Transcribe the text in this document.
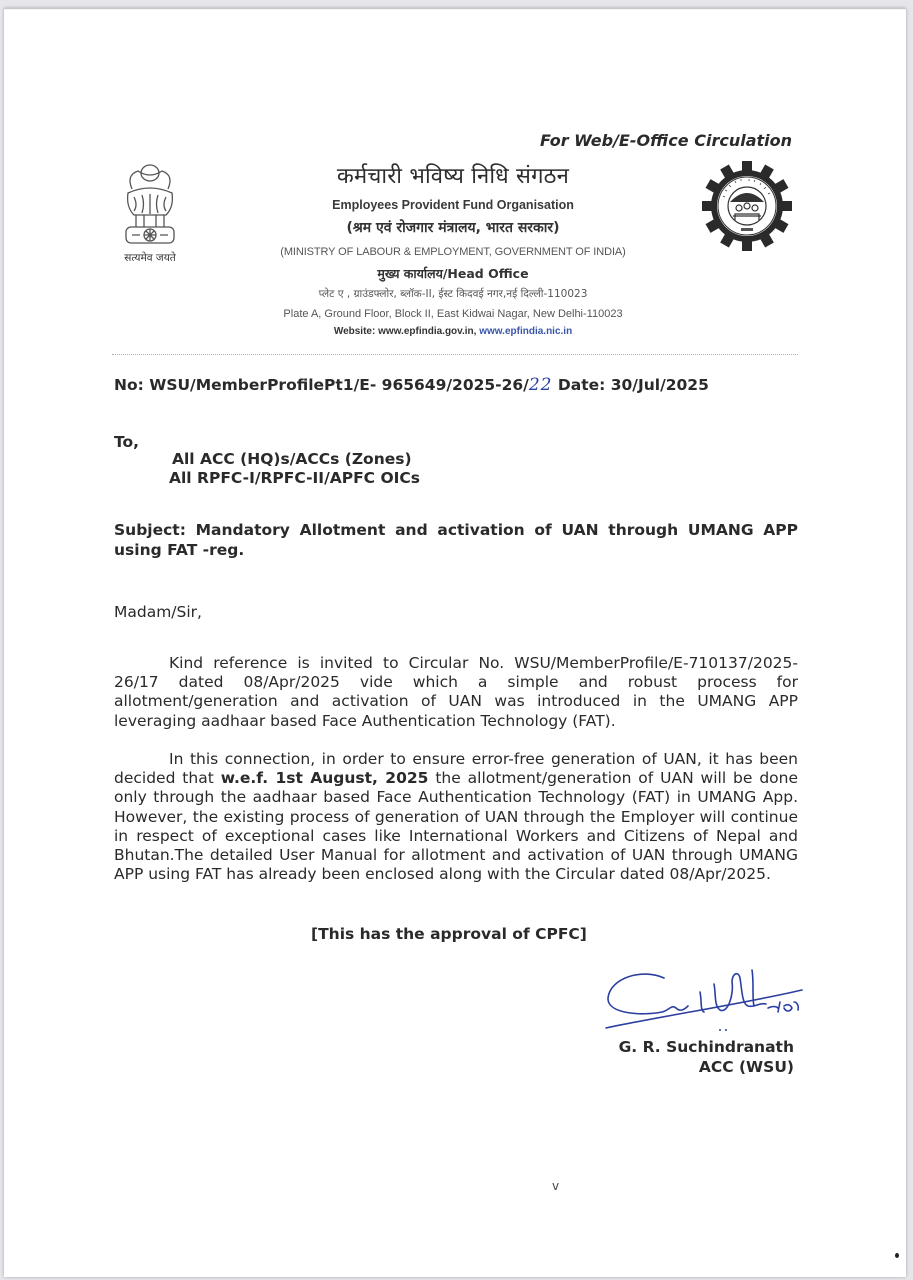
For Web/E-Office Circulation
सत्यमेव जयते
कर्मचारी भविष्य निधि संगठन
Employees Provident Fund Organisation
(श्रम एवं रोजगार मंत्रालय, भारत सरकार)
(MINISTRY OF LABOUR & EMPLOYMENT, GOVERNMENT OF INDIA)
मुख्य कार्यालय/Head Office
प्लेट ए , ग्राउंडफ्लोर, ब्लॉक-II, ईस्ट किदवई नगर,नई दिल्ली-110023
Plate A, Ground Floor, Block II, East Kidwai Nagar, New Delhi-110023
Website: www.epfindia.gov.in, www.epfindia.nic.in
No: WSU/MemberProfilePt1/E- 965649/2025-26/22 Date: 30/Jul/2025
To,
All ACC (HQ)s/ACCs (Zones)
All RPFC-I/RPFC-II/APFC OICs
Subject: Mandatory Allotment and activation of UAN through UMANG APP using FAT -reg.
Madam/Sir,

Kind reference is invited to Circular No. WSU/MemberProfile/E-710137/2025-26/17 dated 08/Apr/2025 vide which a simple and robust process for allotment/generation and activation of UAN was introduced in the UMANG APP leveraging aadhaar based Face Authentication Technology (FAT).

In this connection, in order to ensure error-free generation of UAN, it has been decided that w.e.f. 1st August, 2025 the allotment/generation of UAN will be done only through the aadhaar based Face Authentication Technology (FAT) in UMANG App. However, the existing process of generation of UAN through the Employer will continue in respect of exceptional cases like International Workers and Citizens of Nepal and Bhutan.The detailed User Manual for allotment and activation of UAN through UMANG APP using FAT has already been enclosed along with the Circular dated 08/Apr/2025.

[This has the approval of CPFC]
G. R. Suchindranath
ACC (WSU)
v
